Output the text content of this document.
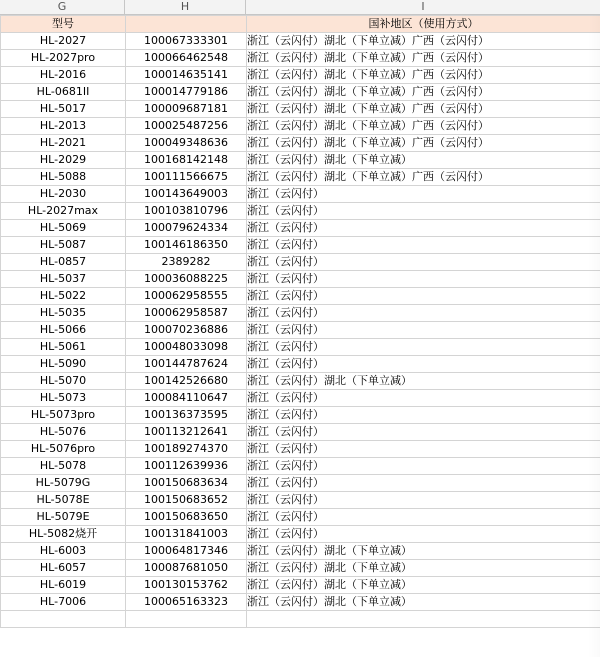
G	H	I
型号		国补地区（使用方式）
HL-2027	100067333301	浙江（云闪付）湖北（下单立减）广西（云闪付）
HL-2027pro	100066462548	浙江（云闪付）湖北（下单立减）广西（云闪付）
HL-2016	100014635141	浙江（云闪付）湖北（下单立减）广西（云闪付）
HL-0681II	100014779186	浙江（云闪付）湖北（下单立减）广西（云闪付）
HL-5017	100009687181	浙江（云闪付）湖北（下单立减）广西（云闪付）
HL-2013	100025487256	浙江（云闪付）湖北（下单立减）广西（云闪付）
HL-2021	100049348636	浙江（云闪付）湖北（下单立减）广西（云闪付）
HL-2029	100168142148	浙江（云闪付）湖北（下单立减）
HL-5088	100111566675	浙江（云闪付）湖北（下单立减）广西（云闪付）
HL-2030	100143649003	浙江（云闪付）
HL-2027max	100103810796	浙江（云闪付）
HL-5069	100079624334	浙江（云闪付）
HL-5087	100146186350	浙江（云闪付）
HL-0857	2389282	浙江（云闪付）
HL-5037	100036088225	浙江（云闪付）
HL-5022	100062958555	浙江（云闪付）
HL-5035	100062958587	浙江（云闪付）
HL-5066	100070236886	浙江（云闪付）
HL-5061	100048033098	浙江（云闪付）
HL-5090	100144787624	浙江（云闪付）
HL-5070	100142526680	浙江（云闪付）湖北（下单立减）
HL-5073	100084110647	浙江（云闪付）
HL-5073pro	100136373595	浙江（云闪付）
HL-5076	100113212641	浙江（云闪付）
HL-5076pro	100189274370	浙江（云闪付）
HL-5078	100112639936	浙江（云闪付）
HL-5079G	100150683634	浙江（云闪付）
HL-5078E	100150683652	浙江（云闪付）
HL-5079E	100150683650	浙江（云闪付）
HL-5082烧开	100131841003	浙江（云闪付）
HL-6003	100064817346	浙江（云闪付）湖北（下单立减）
HL-6057	100087681050	浙江（云闪付）湖北（下单立减）
HL-6019	100130153762	浙江（云闪付）湖北（下单立减）
HL-7006	100065163323	浙江（云闪付）湖北（下单立减）
